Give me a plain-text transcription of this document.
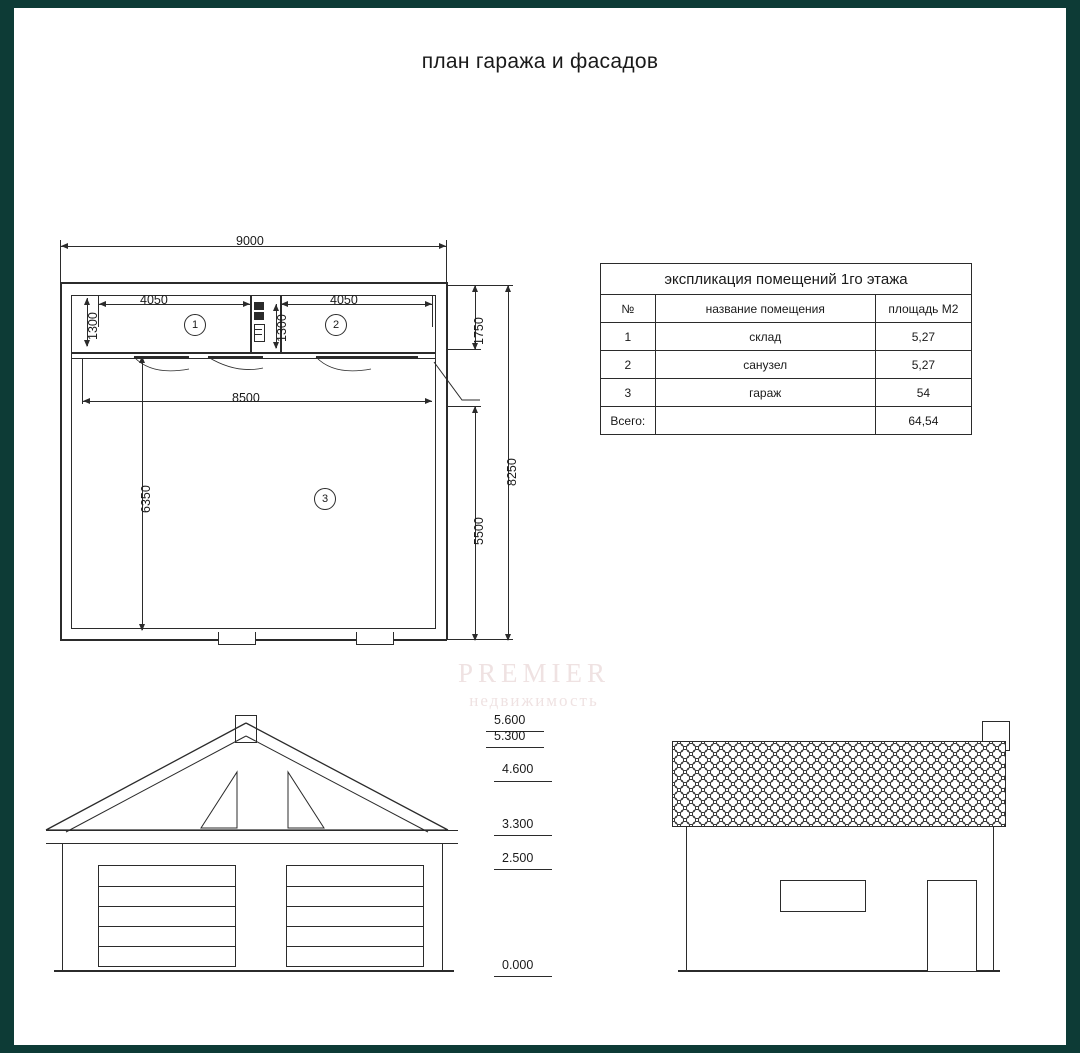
план гаража и фасадов
9000
4050	4050
1300	1300
1	2
8500
1750
5500
8250
6350	3
экспликация помещений 1го этажа		
№	название помещения	площадь М2
1	склад	5,27
2	санузел	5,27
3	гараж	54
Всего:		64,54
PREMIER
недвижимость
5.600
5.300
4.600
3.300
2.500
0.000
